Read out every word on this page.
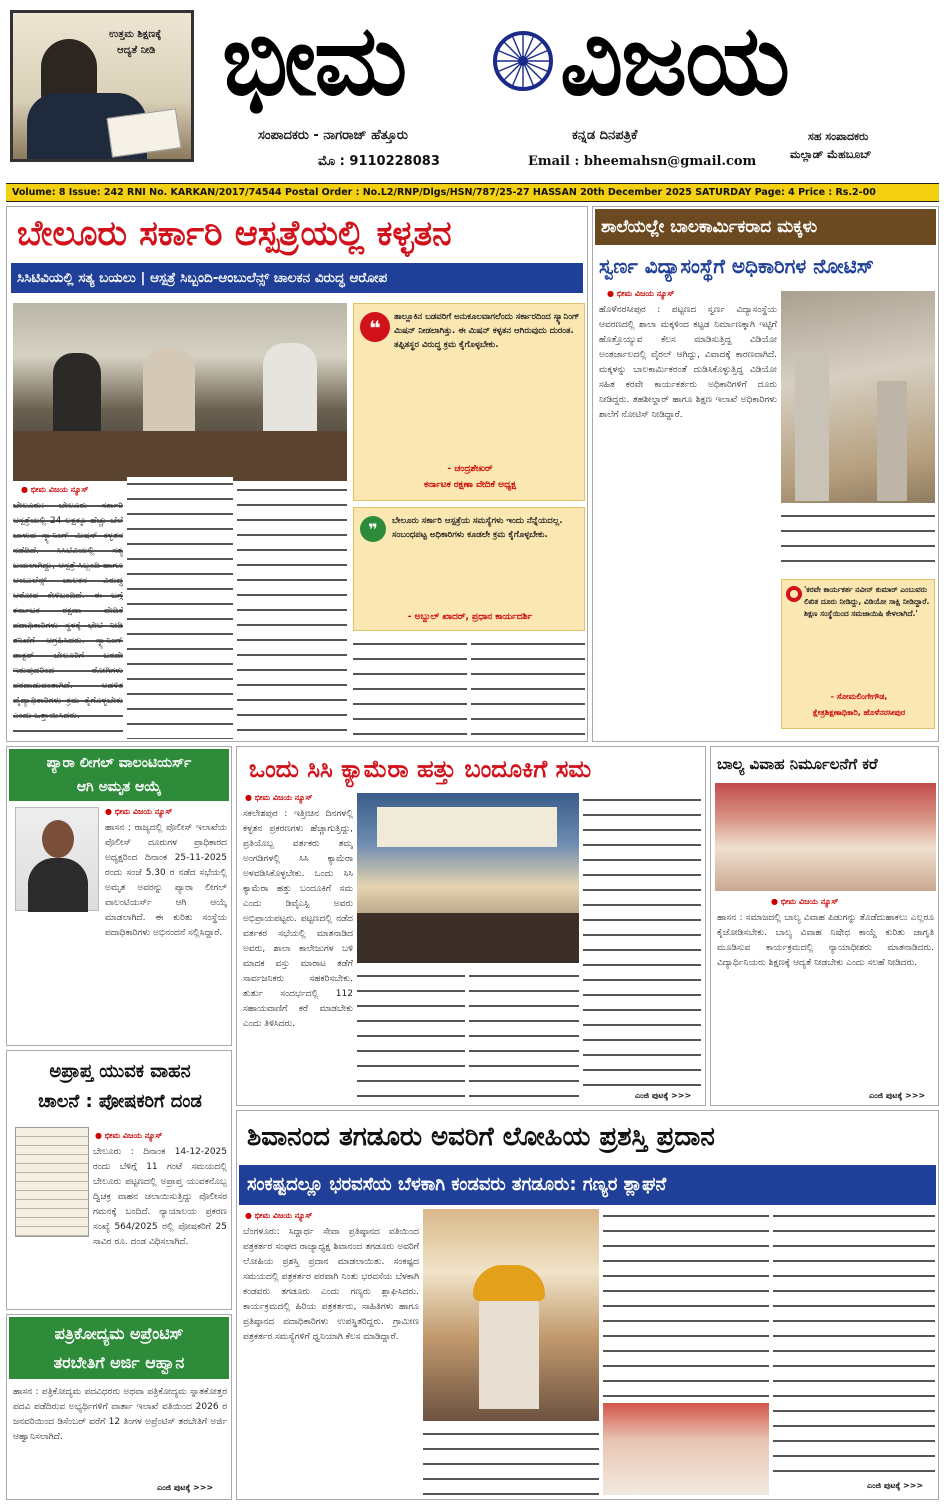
ಉತ್ತಮ ಶಿಕ್ಷಣಕ್ಕೆ
ಆದ್ಯತೆ ನೀಡಿ ಭೀಮ ವಿಜಯ
ಸಂಪಾದಕರು - ನಾಗರಾಜ್ ಹೆತ್ತೂರು
ಮೊ : 9110228083
ಕನ್ನಡ ದಿನಪತ್ರಿಕೆ
Email : bheemahsn@gmail.com
ಸಹ ಸಂಪಾದಕರು
ಮಲ್ಲಾಡ್ ಮೆಹಬೂಬ್
Volume: 8 Issue: 242 RNI No. KARKAN/2017/74544 Postal Order : No.L2/RNP/Dlgs/HSN/787/25-27 HASSAN 20th December 2025 SATURDAY Page: 4 Price : Rs.2-00
ಬೇಲೂರು ಸರ್ಕಾರಿ ಆಸ್ಪತ್ರೆಯಲ್ಲಿ ಕಳ್ಳತನ
ಸಿಸಿಟಿವಿಯಲ್ಲಿ ಸತ್ಯ ಬಯಲು | ಆಸ್ಪತ್ರೆ ಸಿಬ್ಬಂದಿ-ಆಂಬುಲೆನ್ಸ್ ಚಾಲಕನ ವಿರುದ್ಧ ಆರೋಪ
● ಭೀಮ ವಿಜಯ ನ್ಯೂಸ್
ಬೇಲೂರು: ಬೇಲೂರು ಸರ್ಕಾರಿ ಆಸ್ಪತ್ರೆಯಲ್ಲಿ 24 ಲಕ್ಷಕ್ಕೂ ಹೆಚ್ಚು ಬೆಲೆ ಬಾಳುವ ಸ್ಕ್ಯಾನಿಂಗ್ ಮಿಷನ್ ಕಳ್ಳತನ ನಡೆದಿದೆ. ಸಿಸಿಟಿವಿಯಲ್ಲಿ ಸತ್ಯ ಬಯಲಾಗಿದ್ದು, ಆಸ್ಪತ್ರೆ ಸಿಬ್ಬಂದಿ ಹಾಗೂ ಆಂಬುಲೆನ್ಸ್ ಚಾಲಕನ ವಿರುದ್ಧ ಆರೋಪ ಕೇಳಿಬಂದಿದೆ. ಈ ಬಗ್ಗೆ ಕರ್ನಾಟಕ ರಕ್ಷಣಾ ವೇದಿಕೆ ಪದಾಧಿಕಾರಿಗಳು ಸ್ಥಳಕ್ಕೆ ಭೇಟಿ ನೀಡಿ ತನಿಖೆಗೆ ಆಗ್ರಹಿಸಿದರು. ಸ್ಕ್ಯಾನಿಂಗ್ ಡಾಕ್ಟರ್ ಬೇಲೂರಿಗೆ ಬರದೇ ಇರುವುದರಿಂದ ರೋಗಿಗಳು ಪರದಾಡುವಂತಾಗಿದೆ. ಆಡಳಿತ ವೈದ್ಯಾಧಿಕಾರಿಗಳು ಕ್ರಮ ಕೈಗೊಳ್ಳಬೇಕು ಎಂದು ಒತ್ತಾಯಿಸಿದರು.
❝	ತಾಲ್ಲೂಕಿನ ಬಡವರಿಗೆ ಅನುಕೂಲವಾಗಲೆಂದು ಸರ್ಕಾರದಿಂದ ಸ್ಕ್ಯಾನಿಂಗ್ ಮಿಷನ್ ನೀಡಲಾಗಿತ್ತು. ಈ ಮಿಷನ್ ಕಳ್ಳತನ ಆಗಿರುವುದು ದುರಂತ. ತಪ್ಪಿತಸ್ಥರ ವಿರುದ್ಧ ಕ್ರಮ ಕೈಗೊಳ್ಳಬೇಕು.
- ಚಂದ್ರಶೇಖರ್
ಕರ್ನಾಟಕ ರಕ್ಷಣಾ ವೇದಿಕೆ ಅಧ್ಯಕ್ಷ
❞	ಬೇಲೂರು ಸರ್ಕಾರಿ ಆಸ್ಪತ್ರೆಯ ಸಮಸ್ಯೆಗಳು ಇಂದು ನೆನ್ನೆಯದಲ್ಲ. ಸಂಬಂಧಪಟ್ಟ ಅಧಿಕಾರಿಗಳು ಕೂಡಲೇ ಕ್ರಮ ಕೈಗೊಳ್ಳಬೇಕು.
- ಅಬ್ದುಲ್ ಖಾದರ್, ಪ್ರಧಾನ ಕಾರ್ಯದರ್ಶಿ
ಶಾಲೆಯಲ್ಲೇ ಬಾಲಕಾರ್ಮಿಕರಾದ ಮಕ್ಕಳು
ಸ್ವರ್ಣ ವಿದ್ಯಾಸಂಸ್ಥೆಗೆ ಅಧಿಕಾರಿಗಳ ನೋಟಿಸ್
● ಭೀಮ ವಿಜಯ ನ್ಯೂಸ್
ಹೊಳೆನರಸೀಪುರ : ಪಟ್ಟಣದ ಸ್ವರ್ಣ ವಿದ್ಯಾಸಂಸ್ಥೆಯ ಆವರಣದಲ್ಲಿ ಶಾಲಾ ಮಕ್ಕಳಿಂದ ಕಟ್ಟಡ ನಿರ್ಮಾಣಕ್ಕಾಗಿ ಇಟ್ಟಿಗೆ ಹೊತ್ತೊಯ್ಯುವ ಕೆಲಸ ಮಾಡಿಸುತ್ತಿದ್ದ ವಿಡಿಯೋ ಅಂತರ್ಜಾಲದಲ್ಲಿ ವೈರಲ್ ಆಗಿದ್ದು, ವಿವಾದಕ್ಕೆ ಕಾರಣವಾಗಿದೆ. ಮಕ್ಕಳನ್ನು ಬಾಲಕಾರ್ಮಿಕರಂತೆ ದುಡಿಸಿಕೊಳ್ಳುತ್ತಿದ್ದ ವಿಡಿಯೋ ಸಹಿತ ಕರವೇ ಕಾರ್ಯಕರ್ತರು ಅಧಿಕಾರಿಗಳಿಗೆ ದೂರು ನೀಡಿದ್ದರು. ತಹಶೀಲ್ದಾರ್ ಹಾಗೂ ಶಿಕ್ಷಣ ಇಲಾಖೆ ಅಧಿಕಾರಿಗಳು ಶಾಲೆಗೆ ನೋಟಿಸ್ ನೀಡಿದ್ದಾರೆ.
'ಕರವೇ ಕಾರ್ಯಕರ್ತ ನವೀನ್ ಕುಮಾರ್ ಎಂಬುವರು ಲಿಖಿತ ದೂರು ನೀಡಿದ್ದು, ವಿಡಿಯೋ ಸಾಕ್ಷಿ ನೀಡಿದ್ದಾರೆ. ಶಿಕ್ಷಣ ಸಂಸ್ಥೆಯಿಂದ ಸಮಜಾಯಿಷಿ ಕೇಳಲಾಗಿದೆ.'
- ಸೋಮಲಿಂಗೇಗೌಡ,
ಕ್ಷೇತ್ರಶಿಕ್ಷಣಾಧಿಕಾರಿ, ಹೊಳೆನರಸೀಪುರ
ಪ್ಯಾರಾ ಲೀಗಲ್ ವಾಲಂಟಿಯರ್ಸ್
ಆಗಿ ಅಮೃತ ಆಯ್ಕೆ
● ಭೀಮ ವಿಜಯ ನ್ಯೂಸ್
ಹಾಸನ : ರಾಜ್ಯದಲ್ಲಿ ಪೊಲೀಸ್ ಇಲಾಖೆಯ ಪೊಲೀಸ್ ದೂರುಗಳ ಪ್ರಾಧಿಕಾರದ ಅಧ್ಯಕ್ಷರಿಂದ ದಿನಾಂಕ 25-11-2025 ರಂದು ಸಂಜೆ 5.30 ರ ನಡೆದ ಸಭೆಯಲ್ಲಿ ಅಮೃತ ಅವರನ್ನು ಪ್ಯಾರಾ ಲೀಗಲ್ ವಾಲಂಟಿಯರ್ಸ್ ಆಗಿ ಆಯ್ಕೆ ಮಾಡಲಾಗಿದೆ. ಈ ಕುರಿತು ಸಂಸ್ಥೆಯ ಪದಾಧಿಕಾರಿಗಳು ಅಭಿನಂದನೆ ಸಲ್ಲಿಸಿದ್ದಾರೆ.
ಅಪ್ರಾಪ್ತ ಯುವಕ ವಾಹನ
ಚಾಲನೆ : ಪೋಷಕರಿಗೆ ದಂಡ
● ಭೀಮ ವಿಜಯ ನ್ಯೂಸ್
ಬೇಲೂರು : ದಿನಾಂಕ 14-12-2025 ರಂದು ಬೆಳಿಗ್ಗೆ 11 ಗಂಟೆ ಸಮಯದಲ್ಲಿ ಬೇಲೂರು ಪಟ್ಟಣದಲ್ಲಿ ಅಪ್ರಾಪ್ತ ಯುವಕನೊಬ್ಬ ದ್ವಿಚಕ್ರ ವಾಹನ ಚಲಾಯಿಸುತ್ತಿದ್ದು ಪೊಲೀಸರ ಗಮನಕ್ಕೆ ಬಂದಿದೆ. ನ್ಯಾಯಾಲಯ ಪ್ರಕರಣ ಸಂಖ್ಯೆ 564/2025 ರಲ್ಲಿ ಪೋಷಕರಿಗೆ 25 ಸಾವಿರ ರೂ. ದಂಡ ವಿಧಿಸಲಾಗಿದೆ.
ಪತ್ರಿಕೋದ್ಯಮ ಅಪ್ರೆಂಟಿಸ್
ತರಬೇತಿಗೆ ಅರ್ಜಿ ಆಹ್ವಾನ
ಹಾಸನ : ಪತ್ರಿಕೋದ್ಯಮ ಪದವಿಧರರು ಅಥವಾ ಪತ್ರಿಕೋದ್ಯಮ ಸ್ನಾತಕೋತ್ತರ ಪದವಿ ಪಡೆದಿರುವ ಅಭ್ಯರ್ಥಿಗಳಿಗೆ ವಾರ್ತಾ ಇಲಾಖೆ ವತಿಯಿಂದ 2026 ರ ಜನವರಿಯಿಂದ ಡಿಸೆಂಬರ್ ವರೆಗೆ 12 ತಿಂಗಳ ಅಪ್ರೆಂಟಿಸ್ ತರಬೇತಿಗೆ ಅರ್ಜಿ ಆಹ್ವಾನಿಸಲಾಗಿದೆ.
ಎಂಜಿ ಪುಟಕ್ಕೆ >>>
ಒಂದು ಸಿಸಿ ಕ್ಯಾಮೆರಾ ಹತ್ತು ಬಂದೂಕಿಗೆ ಸಮ
● ಭೀಮ ವಿಜಯ ನ್ಯೂಸ್
ಸಕಲೇಶಪುರ : ಇತ್ತೀಚಿನ ದಿನಗಳಲ್ಲಿ ಕಳ್ಳತನ ಪ್ರಕರಣಗಳು ಹೆಚ್ಚಾಗುತ್ತಿದ್ದು, ಪ್ರತಿಯೊಬ್ಬ ವರ್ತಕರು ತಮ್ಮ ಅಂಗಡಿಗಳಲ್ಲಿ ಸಿಸಿ ಕ್ಯಾಮೆರಾ ಅಳವಡಿಸಿಕೊಳ್ಳಬೇಕು. ಒಂದು ಸಿಸಿ ಕ್ಯಾಮೆರಾ ಹತ್ತು ಬಂದೂಕಿಗೆ ಸಮ ಎಂದು ಡಿವೈಎಸ್ಪಿ ಅವರು ಅಭಿಪ್ರಾಯಪಟ್ಟರು. ಪಟ್ಟಣದಲ್ಲಿ ನಡೆದ ವರ್ತಕರ ಸಭೆಯಲ್ಲಿ ಮಾತನಾಡಿದ ಅವರು, ಶಾಲಾ ಕಾಲೇಜುಗಳ ಬಳಿ ಮಾದಕ ವಸ್ತು ಮಾರಾಟ ತಡೆಗೆ ಸಾರ್ವಜನಿಕರು ಸಹಕರಿಸಬೇಕು. ತುರ್ತು ಸಂದರ್ಭದಲ್ಲಿ 112 ಸಹಾಯವಾಣಿಗೆ ಕರೆ ಮಾಡಬೇಕು ಎಂದು ತಿಳಿಸಿದರು.
ಎಂಜಿ ಪುಟಕ್ಕೆ >>>
ಬಾಲ್ಯ ವಿವಾಹ ನಿರ್ಮೂಲನೆಗೆ ಕರೆ
● ಭೀಮ ವಿಜಯ ನ್ಯೂಸ್
ಹಾಸನ : ಸಮಾಜದಲ್ಲಿ ಬಾಲ್ಯ ವಿವಾಹ ಪಿಡುಗನ್ನು ತೊಡೆದುಹಾಕಲು ಎಲ್ಲರೂ ಕೈಜೋಡಿಸಬೇಕು. ಬಾಲ್ಯ ವಿವಾಹ ನಿಷೇಧ ಕಾಯ್ದೆ ಕುರಿತು ಜಾಗೃತಿ ಮೂಡಿಸುವ ಕಾರ್ಯಕ್ರಮದಲ್ಲಿ ನ್ಯಾಯಾಧೀಶರು ಮಾತನಾಡಿದರು. ವಿದ್ಯಾರ್ಥಿನಿಯರು ಶಿಕ್ಷಣಕ್ಕೆ ಆದ್ಯತೆ ನೀಡಬೇಕು ಎಂದು ಸಲಹೆ ನೀಡಿದರು.
ಎಂಜಿ ಪುಟಕ್ಕೆ >>>
ಶಿವಾನಂದ ತಗಡೂರು ಅವರಿಗೆ ಲೋಹಿಯ ಪ್ರಶಸ್ತಿ ಪ್ರದಾನ
ಸಂಕಷ್ಟದಲ್ಲೂ ಭರವಸೆಯ ಬೆಳಕಾಗಿ ಕಂಡವರು ತಗಡೂರು: ಗಣ್ಯರ ಶ್ಲಾಘನೆ
● ಭೀಮ ವಿಜಯ ನ್ಯೂಸ್
ಬೆಂಗಳೂರು: ಸಿದ್ದಾರ್ಥ ಸೇವಾ ಪ್ರತಿಷ್ಠಾನದ ವತಿಯಿಂದ ಪತ್ರಕರ್ತರ ಸಂಘದ ರಾಜ್ಯಾಧ್ಯಕ್ಷ ಶಿವಾನಂದ ತಗಡೂರು ಅವರಿಗೆ ಲೋಹಿಯ ಪ್ರಶಸ್ತಿ ಪ್ರದಾನ ಮಾಡಲಾಯಿತು. ಸಂಕಷ್ಟದ ಸಮಯದಲ್ಲಿ ಪತ್ರಕರ್ತರ ಪರವಾಗಿ ನಿಂತು ಭರವಸೆಯ ಬೆಳಕಾಗಿ ಕಂಡವರು ತಗಡೂರು ಎಂದು ಗಣ್ಯರು ಶ್ಲಾಘಿಸಿದರು. ಕಾರ್ಯಕ್ರಮದಲ್ಲಿ ಹಿರಿಯ ಪತ್ರಕರ್ತರು, ಸಾಹಿತಿಗಳು ಹಾಗೂ ಪ್ರತಿಷ್ಠಾನದ ಪದಾಧಿಕಾರಿಗಳು ಉಪಸ್ಥಿತರಿದ್ದರು. ಗ್ರಾಮೀಣ ಪತ್ರಕರ್ತರ ಸಮಸ್ಯೆಗಳಿಗೆ ಧ್ವನಿಯಾಗಿ ಕೆಲಸ ಮಾಡಿದ್ದಾರೆ.
ಎಂಜಿ ಪುಟಕ್ಕೆ >>>
